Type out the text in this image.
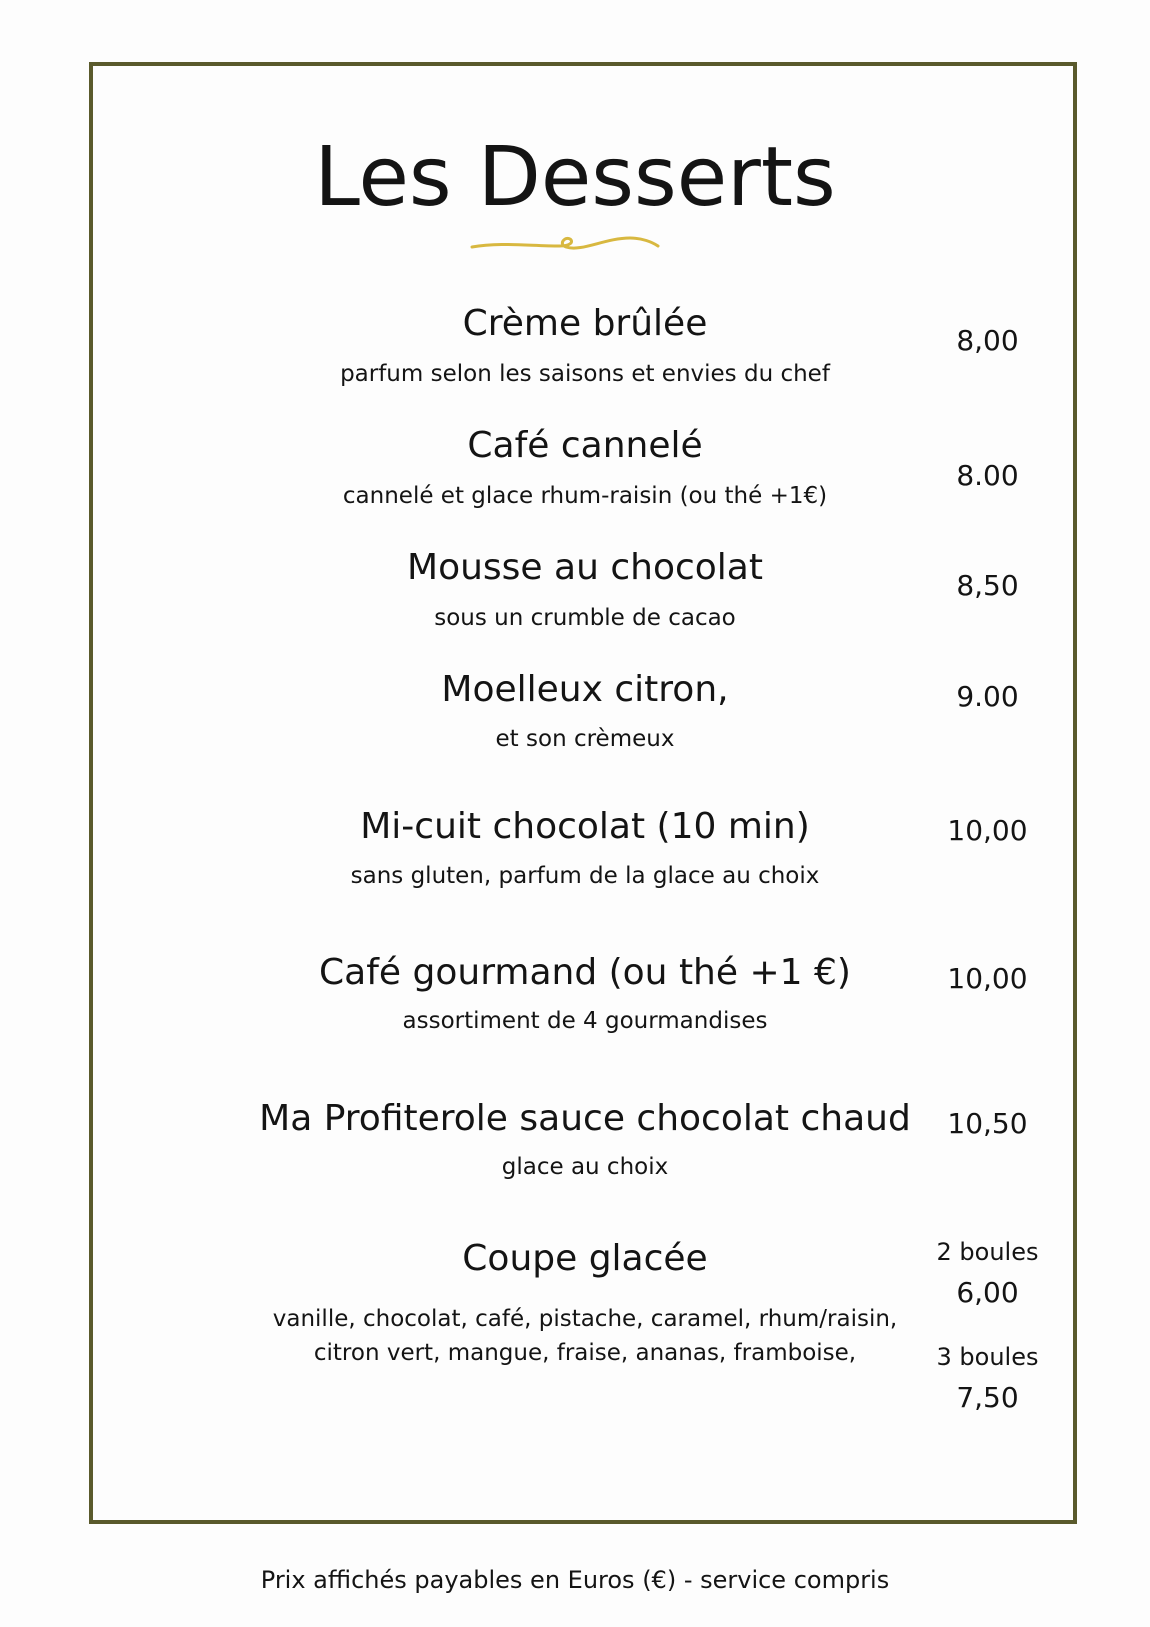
Les Desserts
Crème brûlée
parfum selon les saisons et envies du chef
8,00
Café cannelé
cannelé et glace rhum-raisin (ou thé +1€)
8.00
Mousse au chocolat
sous un crumble de cacao
8,50
Moelleux citron,
et son crèmeux
9.00
Mi-cuit chocolat (10 min)
sans gluten, parfum de la glace au choix
10,00
Café gourmand (ou thé +1 €)
assortiment de 4 gourmandises
10,00
Ma Profiterole sauce chocolat chaud
glace au choix
10,50
Coupe glacée
vanille, chocolat, café, pistache, caramel, rhum/raisin,
citron vert, mangue, fraise, ananas, framboise,
2 boules
6,00
3 boules
7,50
Prix affichés payables en Euros (€) - service compris
